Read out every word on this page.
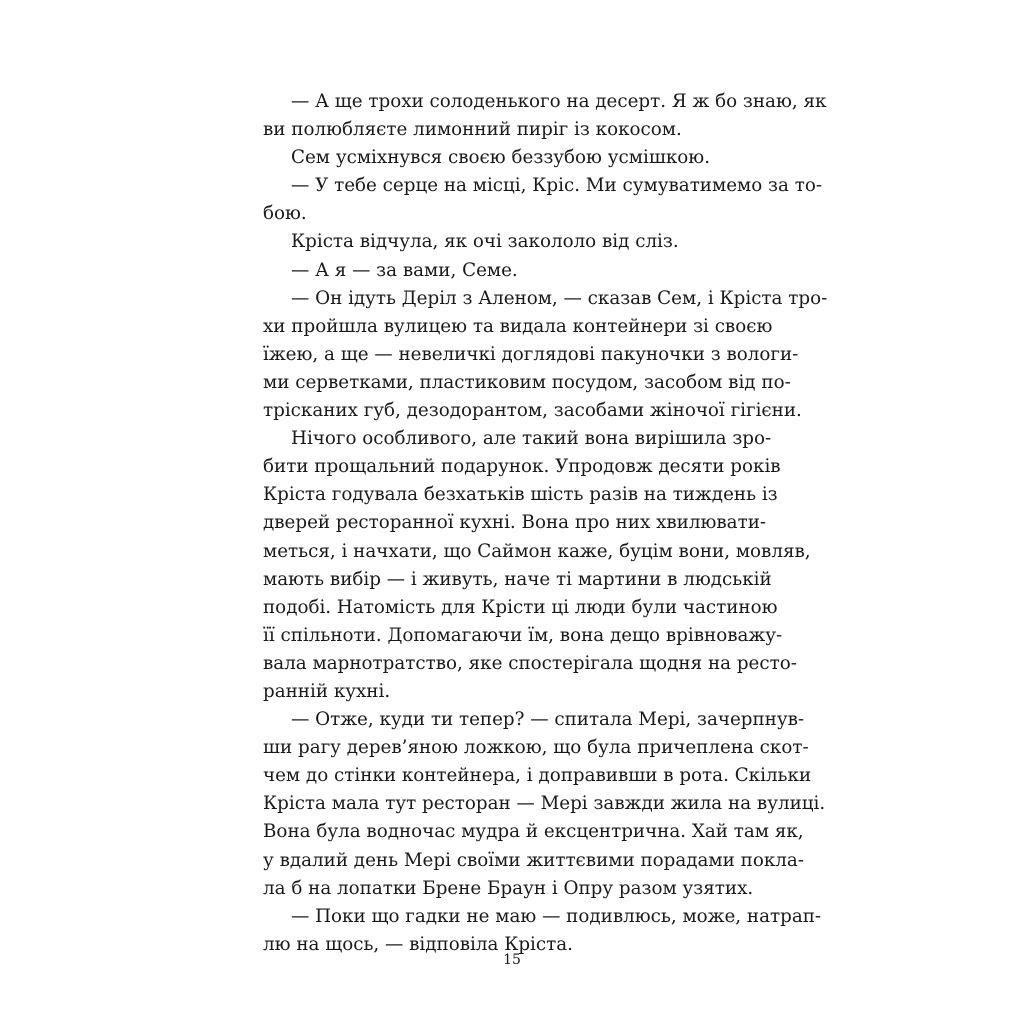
— А ще трохи солоденького на десерт. Я ж бо знаю, як
ви полюбляєте лимонний пиріг із кокосом.
Сем усміхнувся своєю беззубою усмішкою.
— У тебе серце на місці, Кріс. Ми сумуватимемо за то-
бою.
Кріста відчула, як очі закололо від сліз.
— А я — за вами, Семе.
— Он ідуть Деріл з Аленом, — сказав Сем, і Кріста тро-
хи пройшла вулицею та видала контейнери зі своєю
їжею, а ще — невеличкі доглядові пакуночки з вологи-
ми серветками, пластиковим посудом, засобом від по-
трісканих губ, дезодорантом, засобами жіночої гігієни.
Нічого особливого, але такий вона вирішила зро-
бити прощальний подарунок. Упродовж десяти років
Кріста годувала безхатьків шість разів на тиждень із
дверей ресторанної кухні. Вона про них хвилювати-
меться, і начхати, що Саймон каже, буцім вони, мовляв,
мають вибір — і живуть, наче ті мартини в людській
подобі. Натомість для Крісти ці люди були частиною
її спільноти. Допомагаючи їм, вона дещо врівноважу-
вала марнотратство, яке спостерігала щодня на ресто-
ранній кухні.
— Отже, куди ти тепер? — спитала Мері, зачерпнув-
ши рагу дерев’яною ложкою, що була причеплена скот-
чем до стінки контейнера, і доправивши в рота. Скільки
Кріста мала тут ресторан — Мері завжди жила на вулиці.
Вона була водночас мудра й ексцентрична. Хай там як,
у вдалий день Мері своїми життєвими порадами покла-
ла б на лопатки Брене Браун і Опру разом узятих.
— Поки що гадки не маю — подивлюсь, може, натрап-
лю на щось, — відповіла Кріста.
15
